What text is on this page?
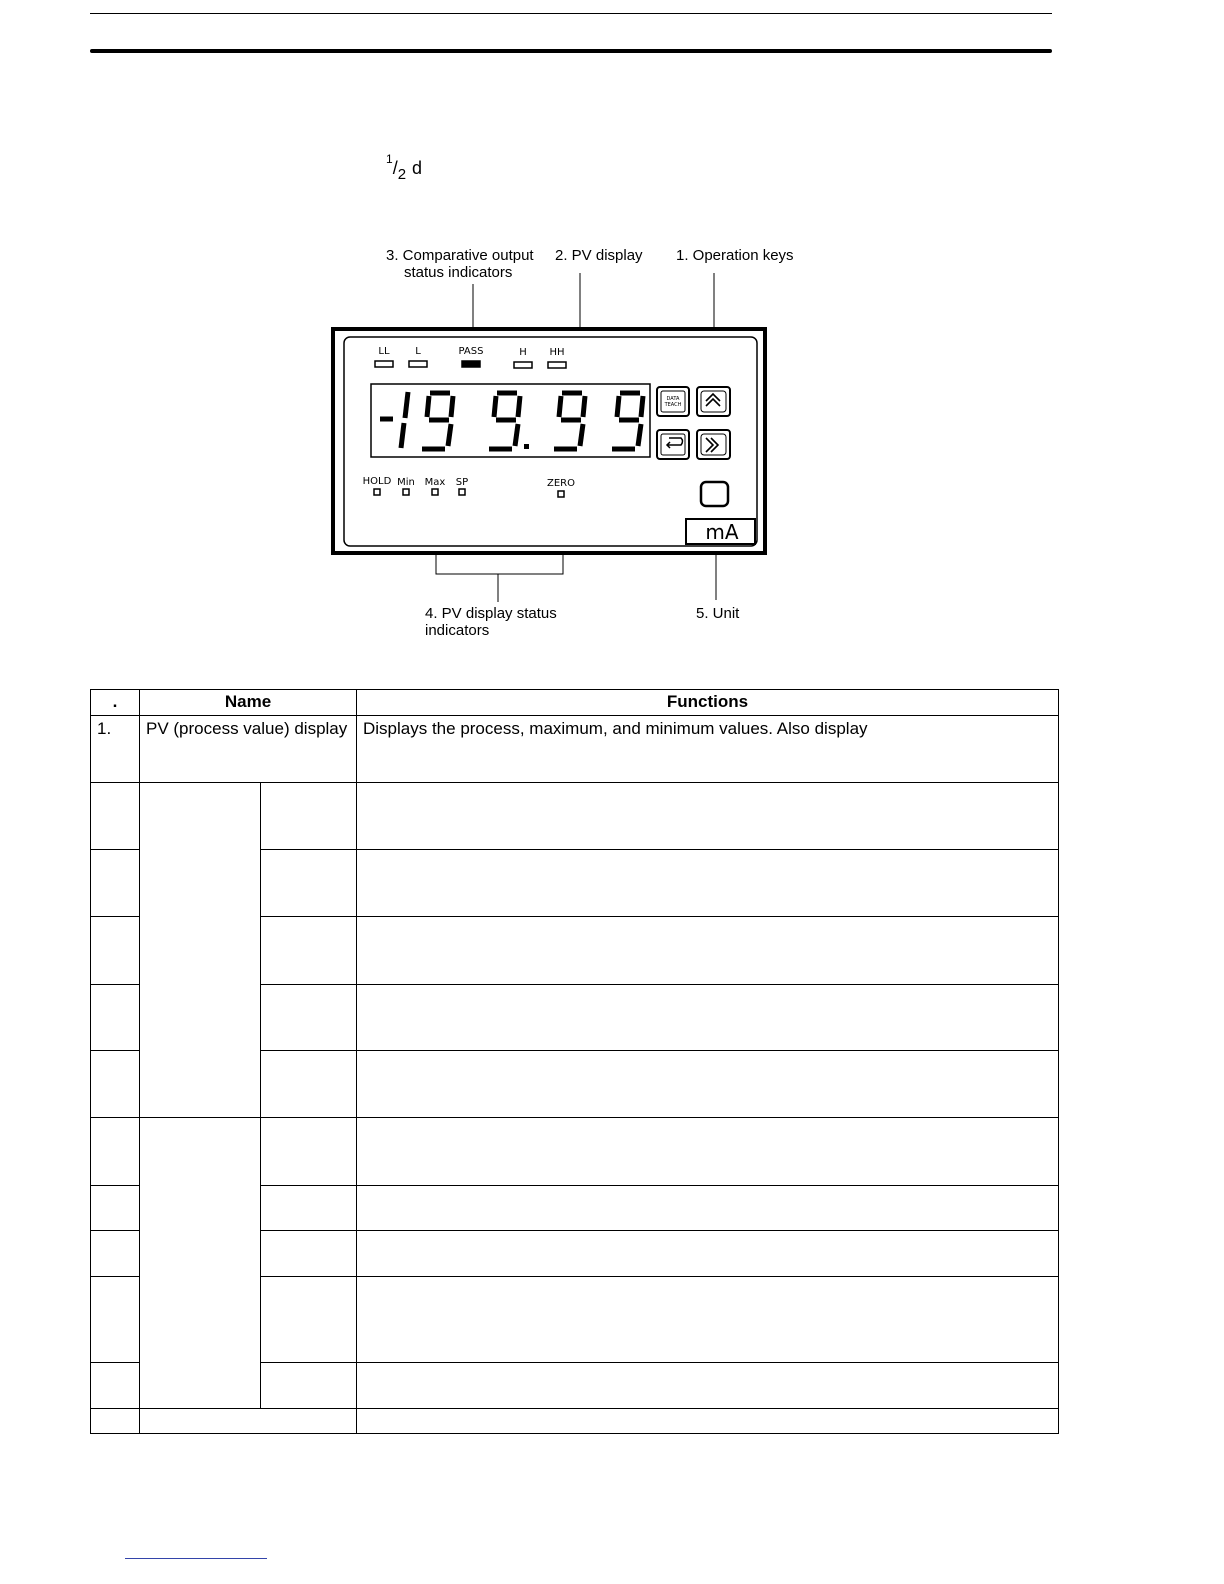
$^1/_2$ d
3. Comparative output
status indicators
2. PV display 1. Operation keys
4. PV display status
indicators
5. Unit
LL	L	PASS	H HH
DATA
TEACH
HOLD Min Max SP	ZERO
mA
.	Name		Functions
1.	PV (process value) display		Displays the process, maximum, and minimum values. Also display
